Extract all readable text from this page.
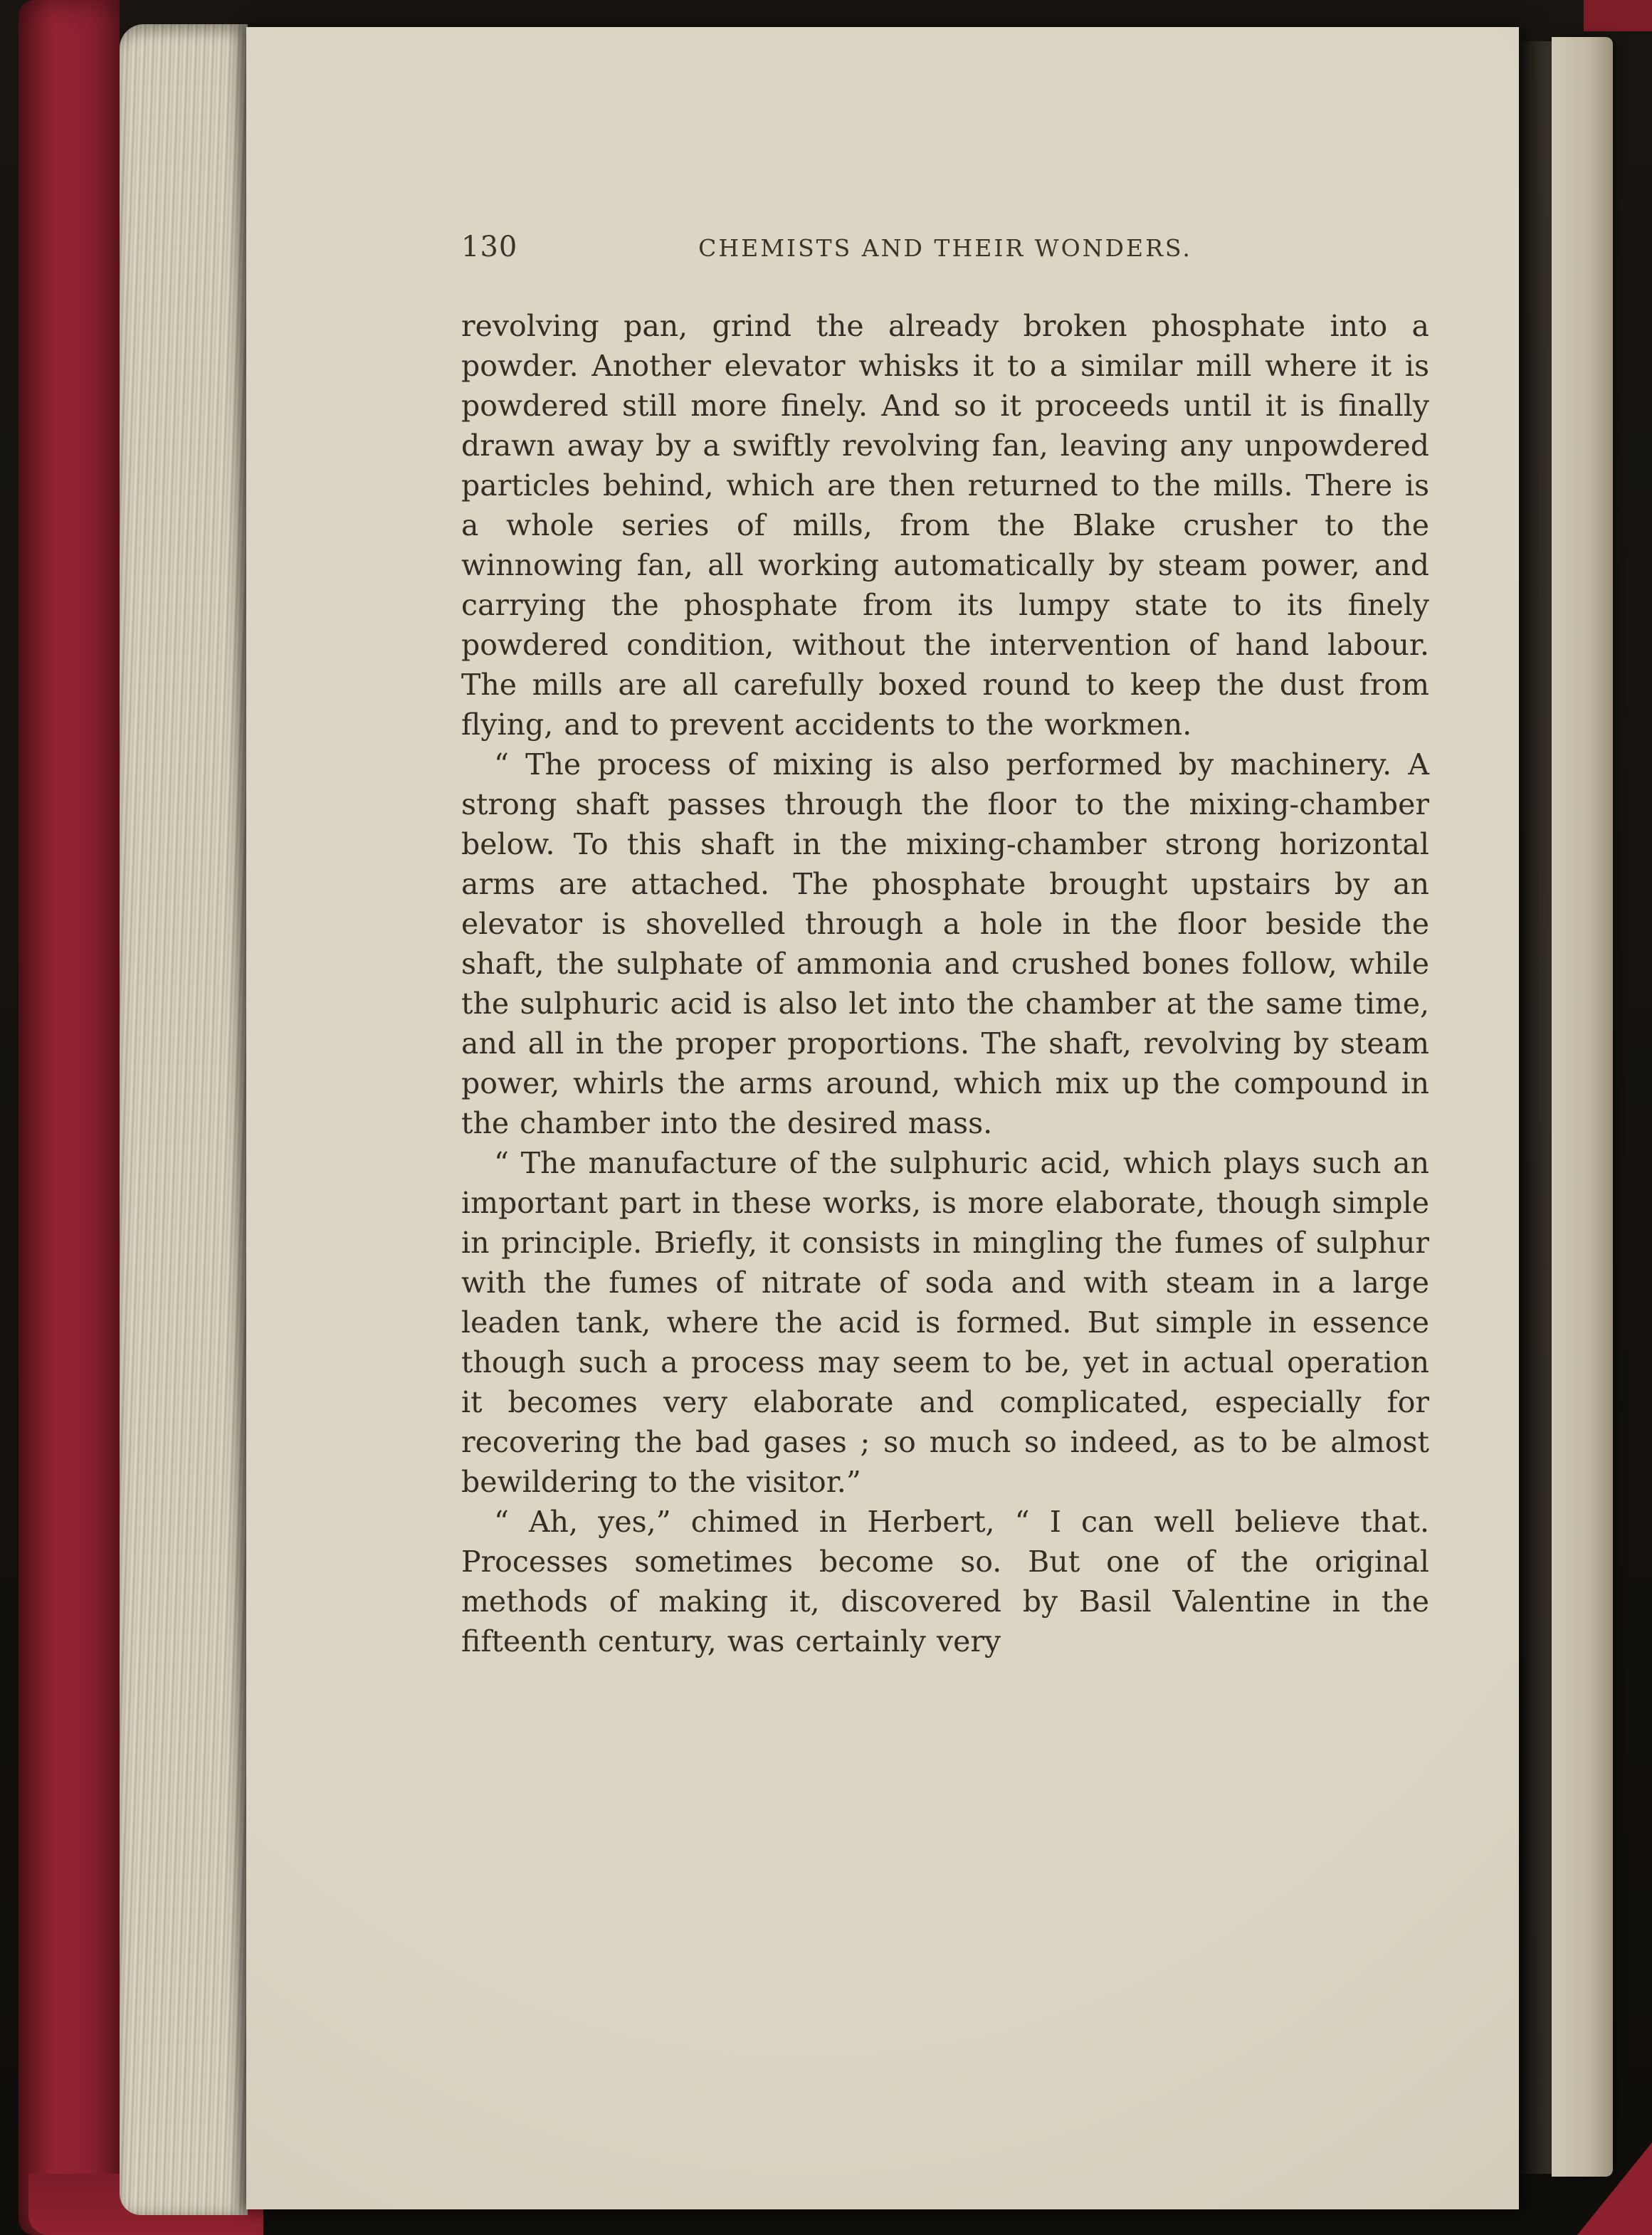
130	CHEMISTS AND THEIR WONDERS.

revolving pan, grind the already broken phosphate into a powder. Another elevator whisks it to a similar mill where it is powdered still more finely. And so it proceeds until it is finally drawn away by a swiftly revolving fan, leaving any unpowdered particles behind, which are then returned to the mills. There is a whole series of mills, from the Blake crusher to the winnowing fan, all working automatically by steam power, and carrying the phosphate from its lumpy state to its finely powdered condition, without the intervention of hand labour. The mills are all carefully boxed round to keep the dust from flying, and to prevent accidents to the workmen.

“ The process of mixing is also performed by machinery. A strong shaft passes through the floor to the mixing-chamber below. To this shaft in the mixing-chamber strong horizontal arms are attached. The phosphate brought upstairs by an elevator is shovelled through a hole in the floor beside the shaft, the sulphate of ammonia and crushed bones follow, while the sulphuric acid is also let into the chamber at the same time, and all in the proper proportions. The shaft, revolving by steam power, whirls the arms around, which mix up the compound in the chamber into the desired mass.

“ The manufacture of the sulphuric acid, which plays such an important part in these works, is more elaborate, though simple in principle. Briefly, it consists in mingling the fumes of sulphur with the fumes of nitrate of soda and with steam in a large leaden tank, where the acid is formed. But simple in essence though such a process may seem to be, yet in actual operation it becomes very elaborate and complicated, especially for recovering the bad gases ; so much so indeed, as to be almost bewildering to the visitor.”

“ Ah, yes,” chimed in Herbert, “ I can well believe that. Processes sometimes become so. But one of the original methods of making it, discovered by Basil Valentine in the fifteenth century, was certainly very
